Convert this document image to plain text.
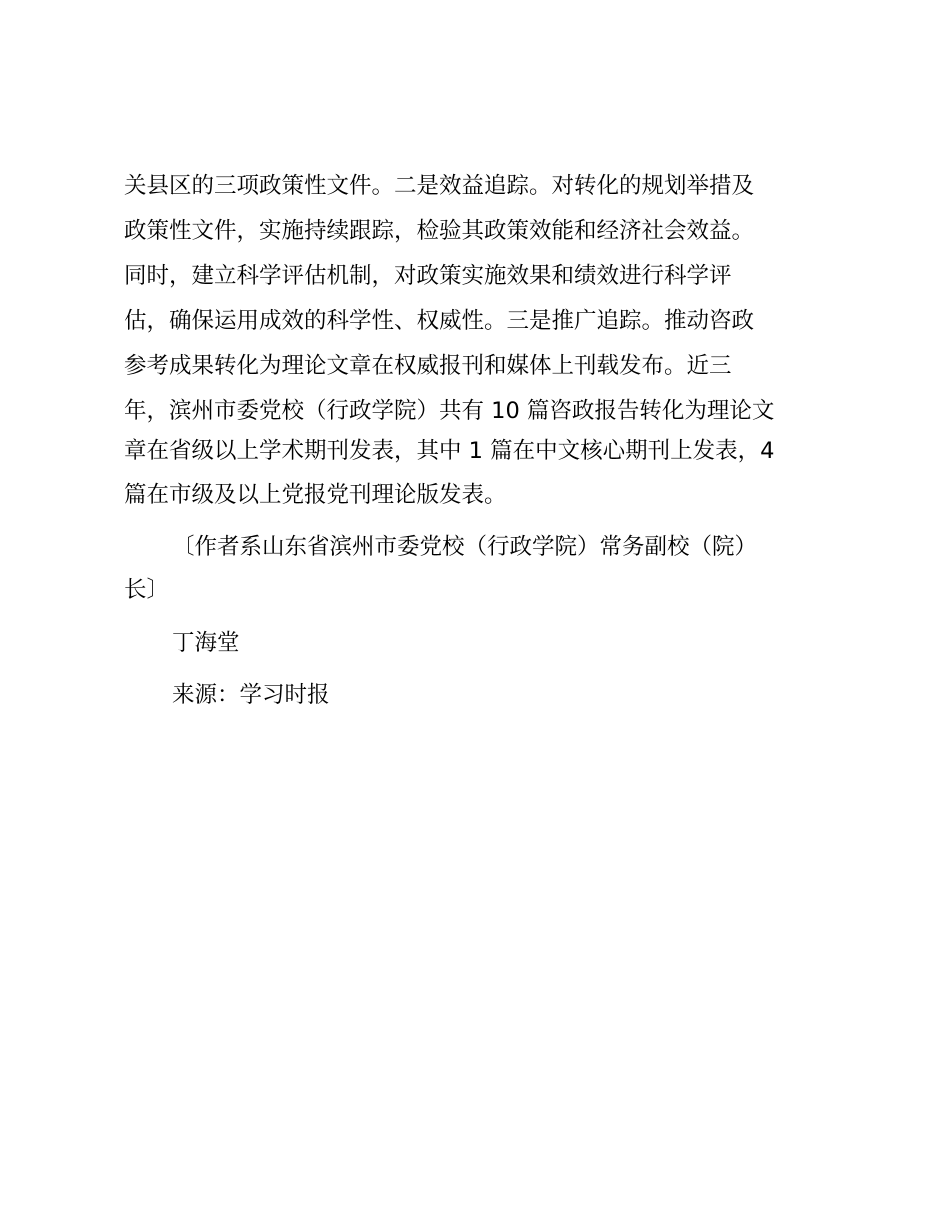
关县区的三项政策性文件。二是效益追踪。对转化的规划举措及
政策性文件，实施持续跟踪，检验其政策效能和经济社会效益。
同时，建立科学评估机制，对政策实施效果和绩效进行科学评
估，确保运用成效的科学性、权威性。三是推广追踪。推动咨政
参考成果转化为理论文章在权威报刊和媒体上刊载发布。近三
年，滨州市委党校（行政学院）共有 10 篇咨政报告转化为理论文
章在省级以上学术期刊发表，其中 1 篇在中文核心期刊上发表，4
篇在市级及以上党报党刊理论版发表。
〔作者系山东省滨州市委党校（行政学院）常务副校（院）
长〕
丁海堂
来源：学习时报
